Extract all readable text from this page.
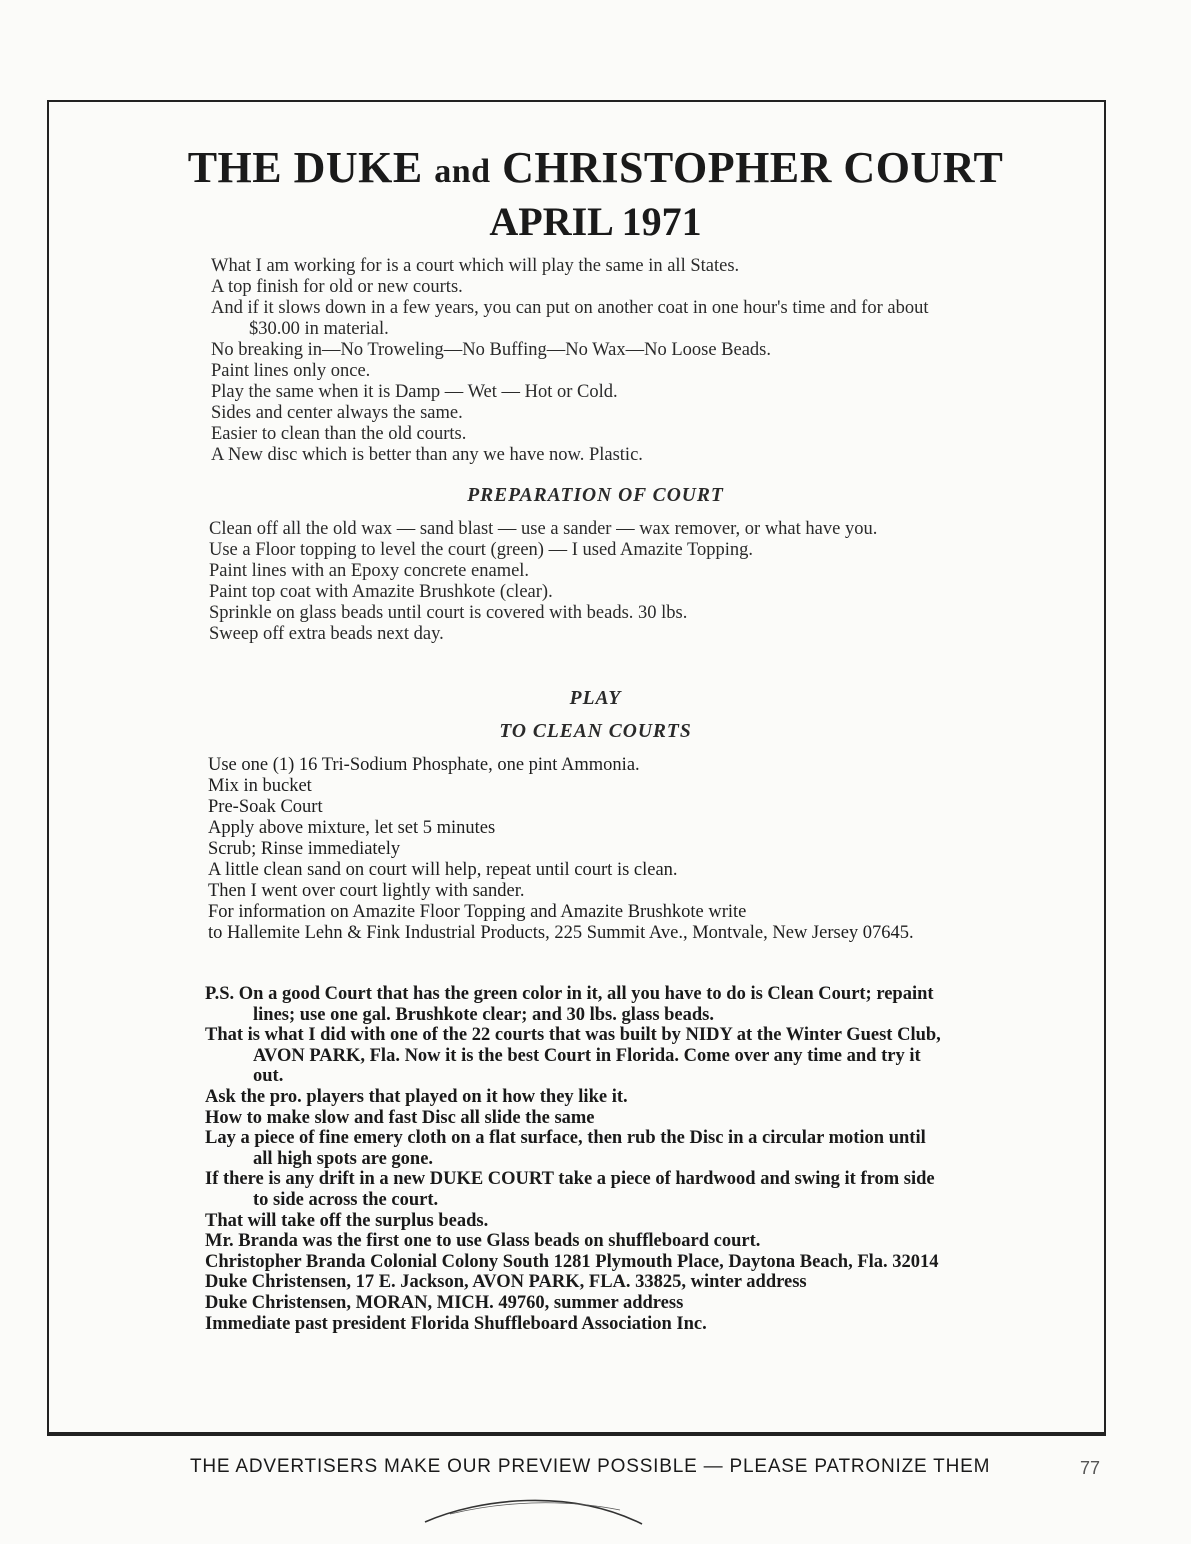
THE DUKE and CHRISTOPHER COURT
APRIL 1971
What I am working for is a court which will play the same in all States.
A top finish for old or new courts.
And if it slows down in a few years, you can put on another coat in one hour's time and for about $30.00 in material.
No breaking in—No Troweling—No Buffing—No Wax—No Loose Beads.
Paint lines only once.
Play the same when it is Damp — Wet — Hot or Cold.
Sides and center always the same.
Easier to clean than the old courts.
A New disc which is better than any we have now. Plastic.
PREPARATION OF COURT
Clean off all the old wax — sand blast — use a sander — wax remover, or what have you.
Use a Floor topping to level the court (green) — I used Amazite Topping.
Paint lines with an Epoxy concrete enamel.
Paint top coat with Amazite Brushkote (clear).
Sprinkle on glass beads until court is covered with beads. 30 lbs.
Sweep off extra beads next day.
PLAY
TO CLEAN COURTS
Use one (1) 16 Tri-Sodium Phosphate, one pint Ammonia.
Mix in bucket
Pre-Soak Court
Apply above mixture, let set 5 minutes
Scrub; Rinse immediately
A little clean sand on court will help, repeat until court is clean.
Then I went over court lightly with sander.
For information on Amazite Floor Topping and Amazite Brushkote write
to Hallemite Lehn & Fink Industrial Products, 225 Summit Ave., Montvale, New Jersey 07645.
P.S. On a good Court that has the green color in it, all you have to do is Clean Court; repaint lines; use one gal. Brushkote clear; and 30 lbs. glass beads.
That is what I did with one of the 22 courts that was built by NIDY at the Winter Guest Club, AVON PARK, Fla. Now it is the best Court in Florida. Come over any time and try it out.
Ask the pro. players that played on it how they like it.
How to make slow and fast Disc all slide the same
Lay a piece of fine emery cloth on a flat surface, then rub the Disc in a circular motion until all high spots are gone.
If there is any drift in a new DUKE COURT take a piece of hardwood and swing it from side to side across the court.
That will take off the surplus beads.
Mr. Branda was the first one to use Glass beads on shuffleboard court.
Christopher Branda Colonial Colony South 1281 Plymouth Place, Daytona Beach, Fla. 32014
Duke Christensen, 17 E. Jackson, AVON PARK, FLA. 33825, winter address
Duke Christensen, MORAN, MICH. 49760, summer address
Immediate past president Florida Shuffleboard Association Inc.
THE ADVERTISERS MAKE OUR PREVIEW POSSIBLE — PLEASE PATRONIZE THEM	77
